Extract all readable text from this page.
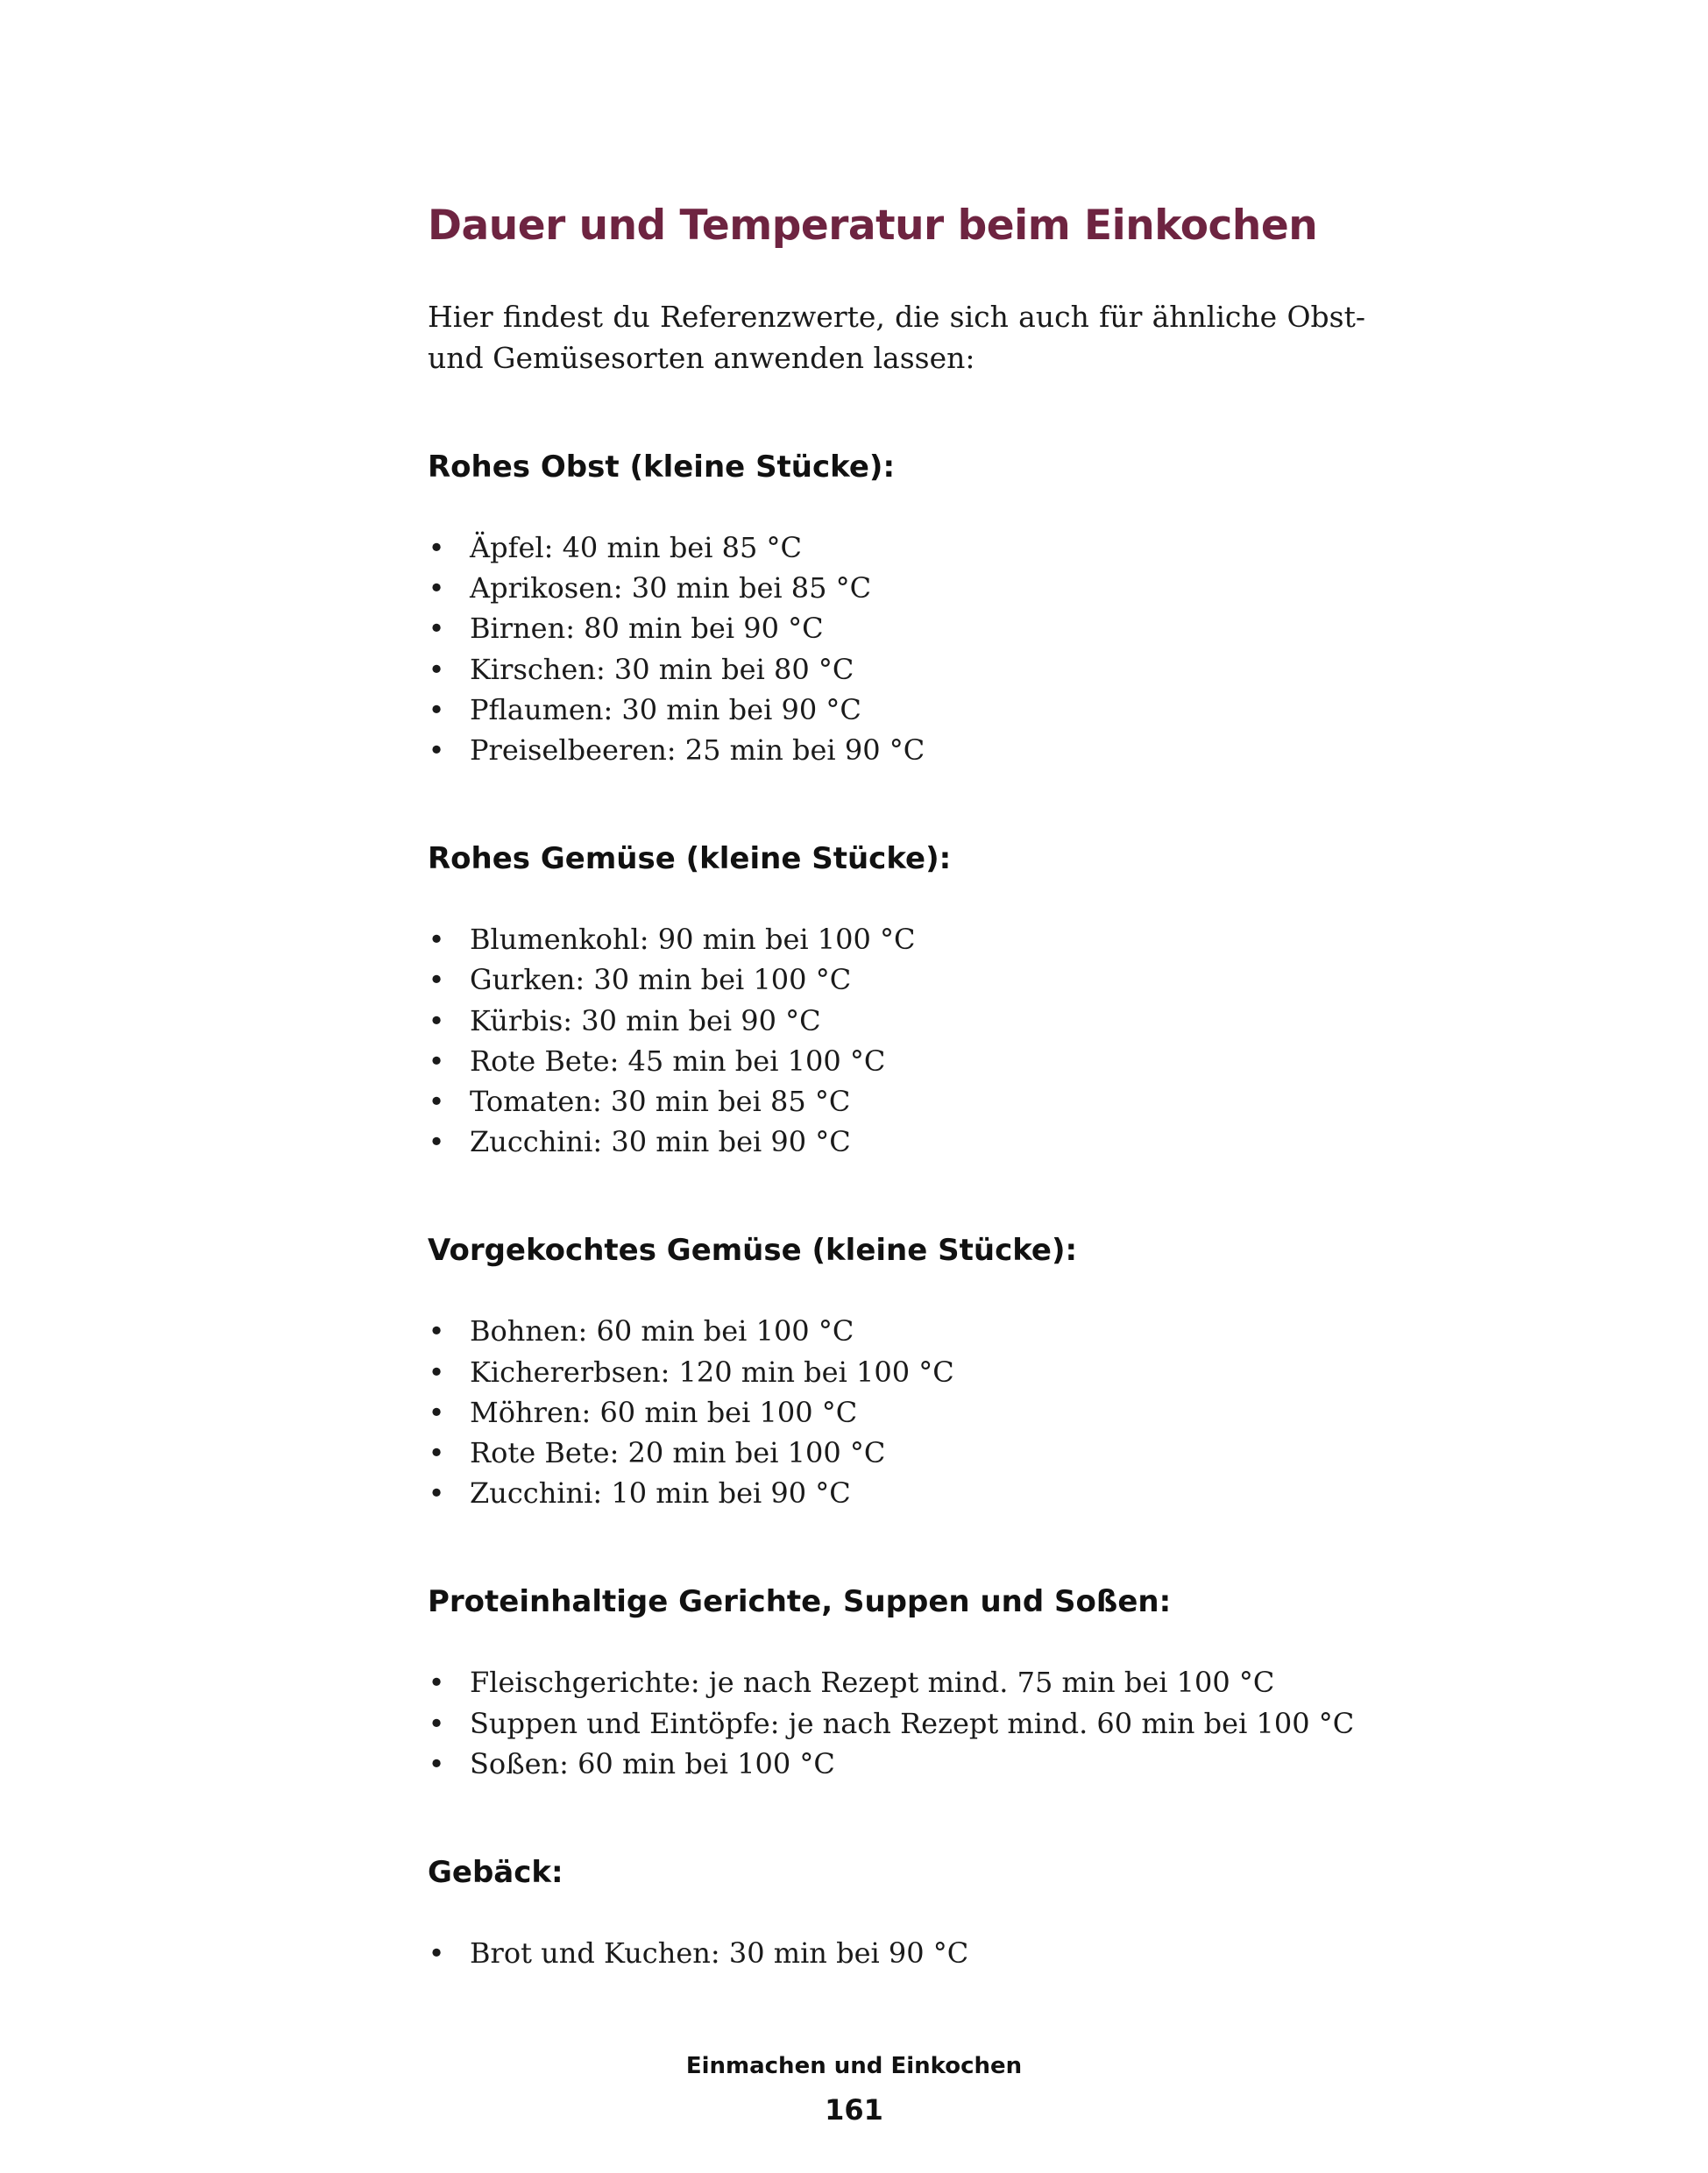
Dauer und Temperatur beim Einkochen

Hier findest du Referenzwerte, die sich auch für ähnliche Obst- und Gemüsesorten anwenden lassen:

Rohes Obst (kleine Stücke):
• Äpfel: 40 min bei 85 °C
• Aprikosen: 30 min bei 85 °C
• Birnen: 80 min bei 90 °C
• Kirschen: 30 min bei 80 °C
• Pflaumen: 30 min bei 90 °C
• Preiselbeeren: 25 min bei 90 °C
Rohes Gemüse (kleine Stücke):
• Blumenkohl: 90 min bei 100 °C
• Gurken: 30 min bei 100 °C
• Kürbis: 30 min bei 90 °C
• Rote Bete: 45 min bei 100 °C
• Tomaten: 30 min bei 85 °C
• Zucchini: 30 min bei 90 °C
Vorgekochtes Gemüse (kleine Stücke):
• Bohnen: 60 min bei 100 °C
• Kichererbsen: 120 min bei 100 °C
• Möhren: 60 min bei 100 °C
• Rote Bete: 20 min bei 100 °C
• Zucchini: 10 min bei 90 °C
Proteinhaltige Gerichte, Suppen und Soßen:
• Fleischgerichte: je nach Rezept mind. 75 min bei 100 °C
• Suppen und Eintöpfe: je nach Rezept mind. 60 min bei 100 °C
• Soßen: 60 min bei 100 °C
Gebäck:
• Brot und Kuchen: 30 min bei 90 °C
Einmachen und Einkochen
161
